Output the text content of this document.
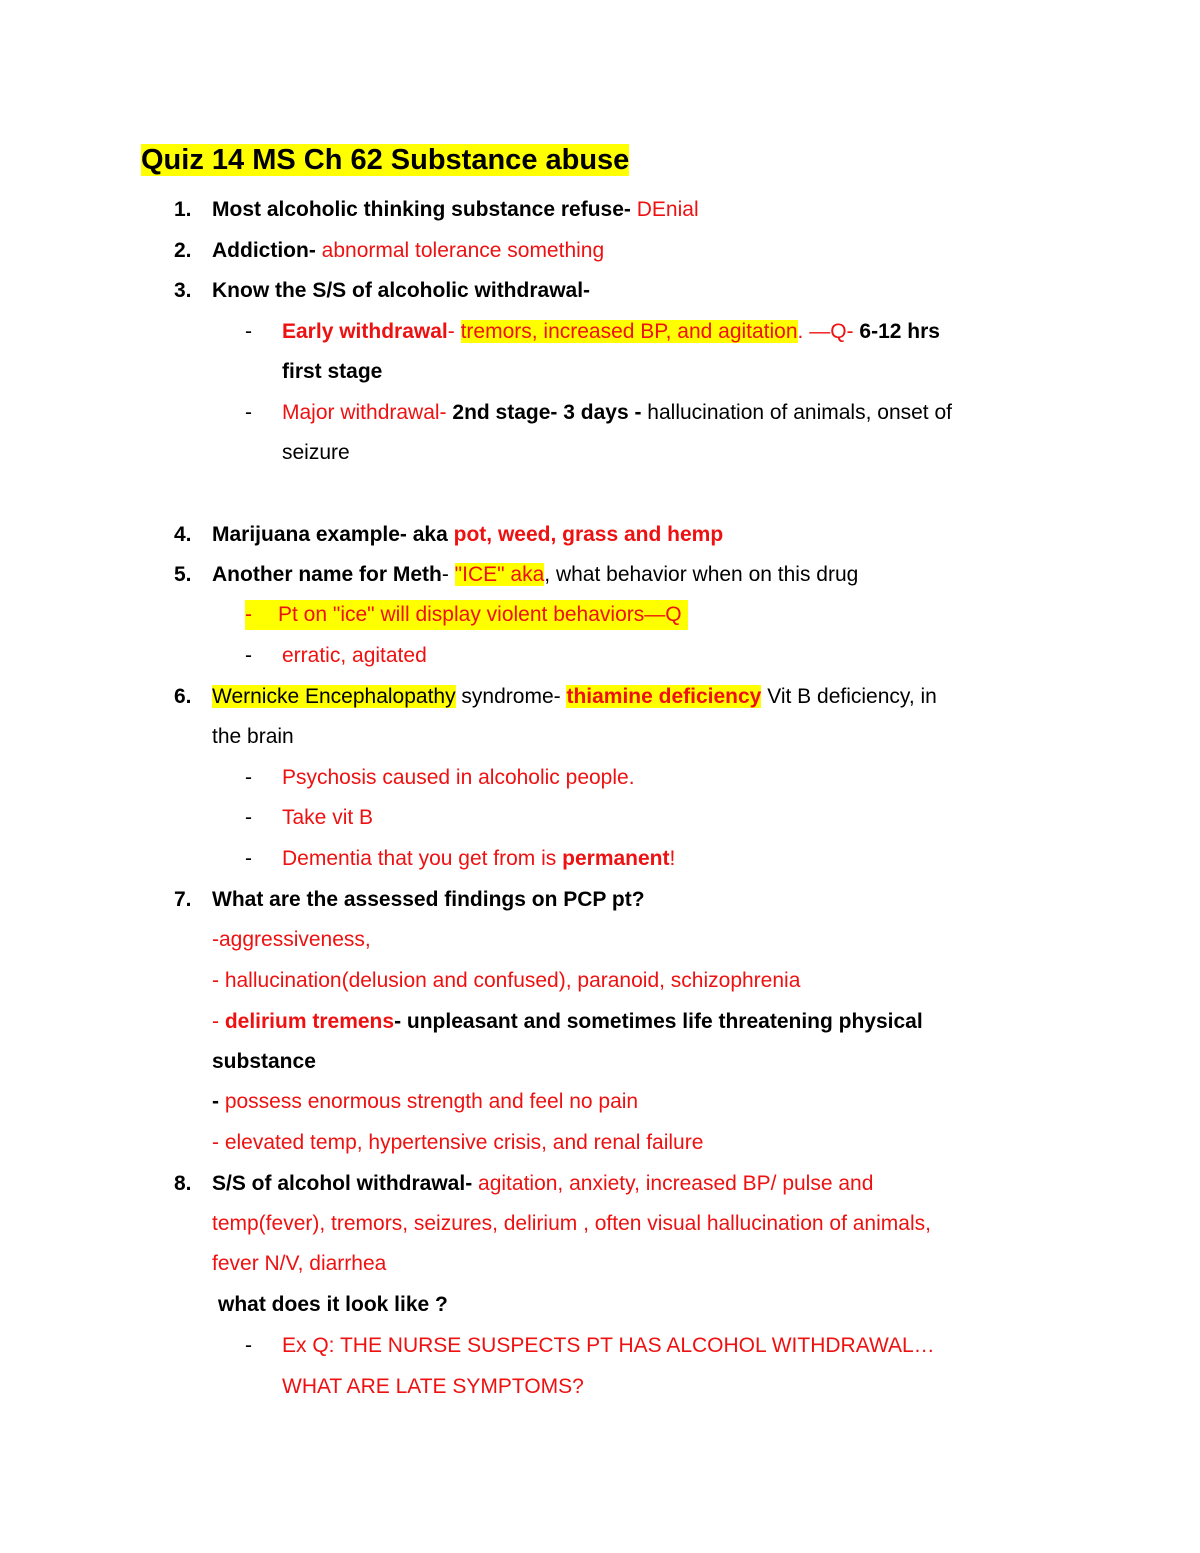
Quiz 14 MS Ch 62 Substance abuse
1. Most alcoholic thinking substance refuse- DEnial
2. Addiction- abnormal tolerance something
3. Know the S/S of alcoholic withdrawal-
- Early withdrawal- tremors, increased BP, and agitation. —Q- 6-12 hrs
first stage
- Major withdrawal- 2nd stage- 3 days - hallucination of animals, onset of
seizure
4. Marijuana example- aka pot, weed, grass and hemp
5. Another name for Meth- "ICE" aka, what behavior when on this drug
- Pt on "ice" will display violent behaviors—Q
- erratic, agitated
6. Wernicke Encephalopathy syndrome- thiamine deficiency Vit B deficiency, in
the brain
- Psychosis caused in alcoholic people.
- Take vit B
- Dementia that you get from is permanent!
7. What are the assessed findings on PCP pt?
-aggressiveness,
- hallucination(delusion and confused), paranoid, schizophrenia
- delirium tremens- unpleasant and sometimes life threatening physical
substance
- possess enormous strength and feel no pain
- elevated temp, hypertensive crisis, and renal failure
8. S/S of alcohol withdrawal- agitation, anxiety, increased BP/ pulse and
temp(fever), tremors, seizures, delirium , often visual hallucination of animals,
fever N/V, diarrhea
what does it look like ?
- Ex Q: THE NURSE SUSPECTS PT HAS ALCOHOL WITHDRAWAL…
WHAT ARE LATE SYMPTOMS?
